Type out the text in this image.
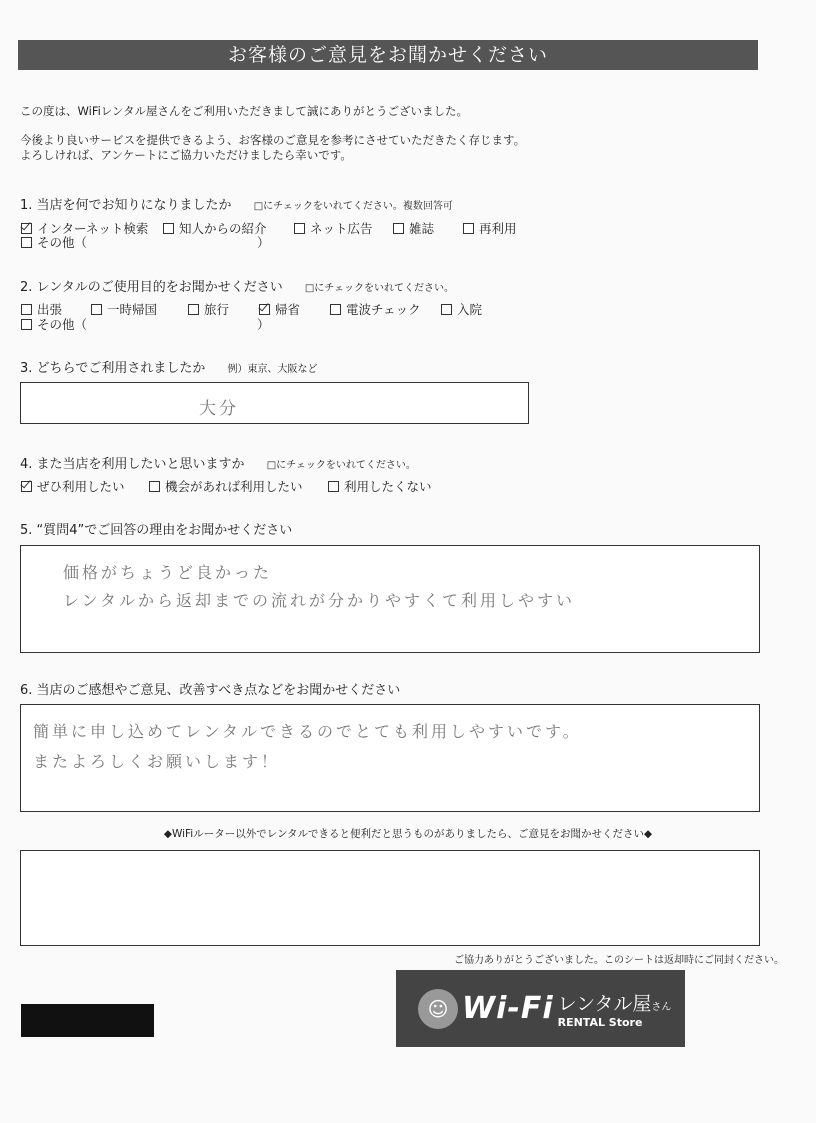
お客様のご意見をお聞かせください
この度は、WiFiレンタル屋さんをご利用いただきまして誠にありがとうございました。
今後より良いサービスを提供できるよう、お客様のご意見を参考にさせていただきたく存じます。
よろしければ、アンケートにご協力いただけましたら幸いです。
1. 当店を何でお知りになりましたか □にチェックをいれてください。複数回答可
インターネット検索 知人からの紹介	ネット広告	雑誌	再利用
その他 （	）
2. レンタルのご使用目的をお聞かせください □にチェックをいれてください。
出張	一時帰国	旅行	帰省	電波チェック	入院
その他 （	）
3. どちらでご利用されましたか 例）東京、大阪など
大分
4. また当店を利用したいと思いますか □にチェックをいれてください。
ぜひ利用したい	機会があれば利用したい	利用したくない
5. “質問4”でご回答の理由をお聞かせください
価格がちょうど良かった
レンタルから返却までの流れが分かりやすくて利用しやすい
6. 当店のご感想やご意見、改善すべき点などをお聞かせください
簡単に申し込めてレンタルできるのでとても利用しやすいです。
またよろしくお願いします！
◆WiFiルーター以外でレンタルできると便利だと思うものがありましたら、ご意見をお聞かせください◆
ご協力ありがとうございました。このシートは返却時にご同封ください。
☺ Wi-Fi レンタル屋さん
RENTAL Store
